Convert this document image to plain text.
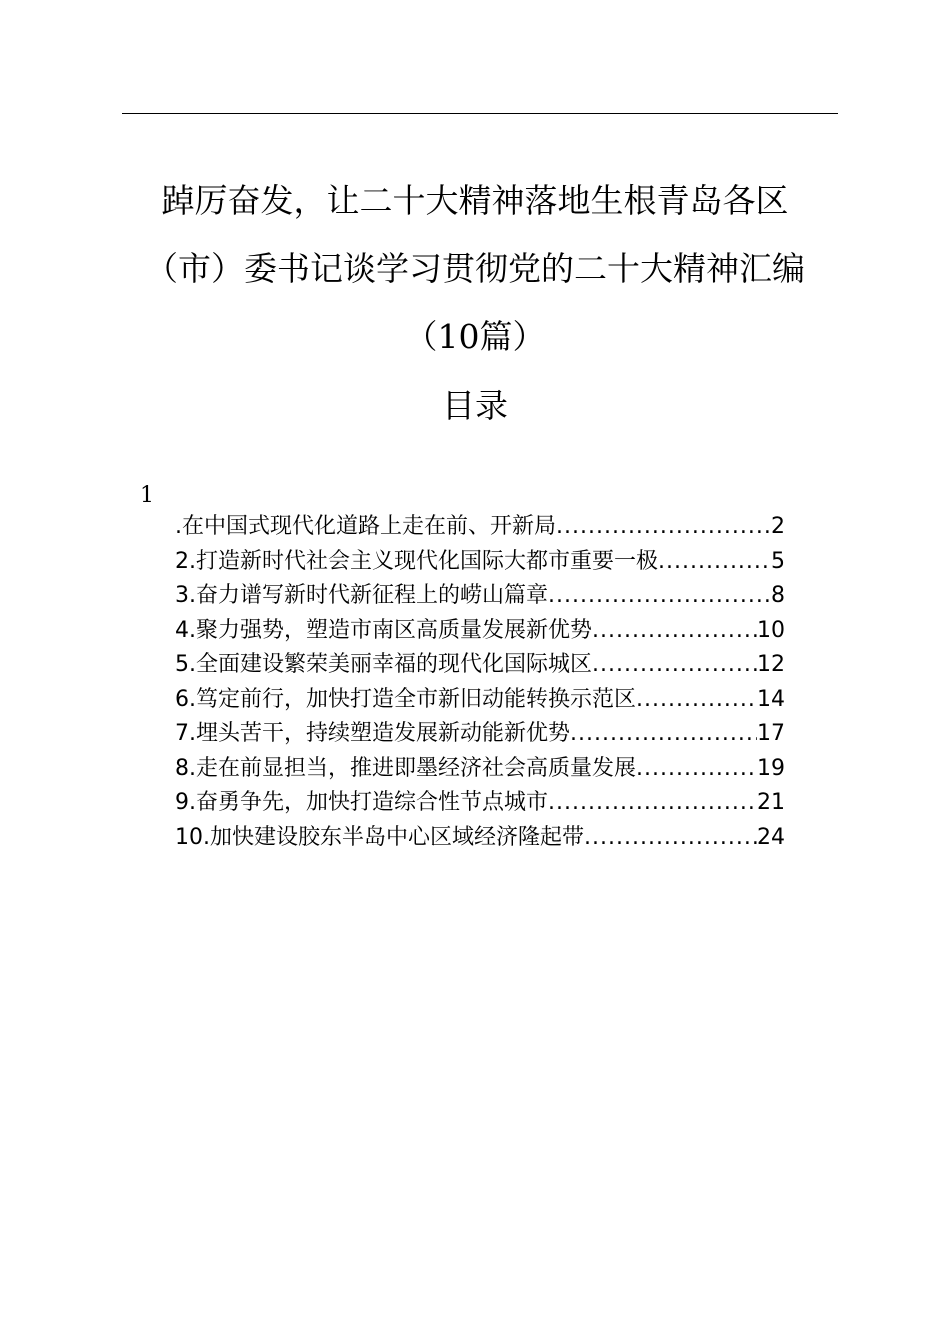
踔厉奋发，让二十大精神落地生根青岛各区
（市）委书记谈学习贯彻党的二十大精神汇编
（10篇）
目录
1
.在中国式现代化道路上走在前、开新局 .....	2
2.打造新时代社会主义现代化国际大都市重要一极 .....	5
3.奋力谱写新时代新征程上的崂山篇章 .....	8
4.聚力强势，塑造市南区高质量发展新优势 .....	10
5.全面建设繁荣美丽幸福的现代化国际城区 .....	12
6.笃定前行，加快打造全市新旧动能转换示范区 .....	14
7.埋头苦干，持续塑造发展新动能新优势 .....	17
8.走在前显担当，推进即墨经济社会高质量发展 .....	19
9.奋勇争先，加快打造综合性节点城市 .....	21
10.加快建设胶东半岛中心区域经济隆起带 .....	24
